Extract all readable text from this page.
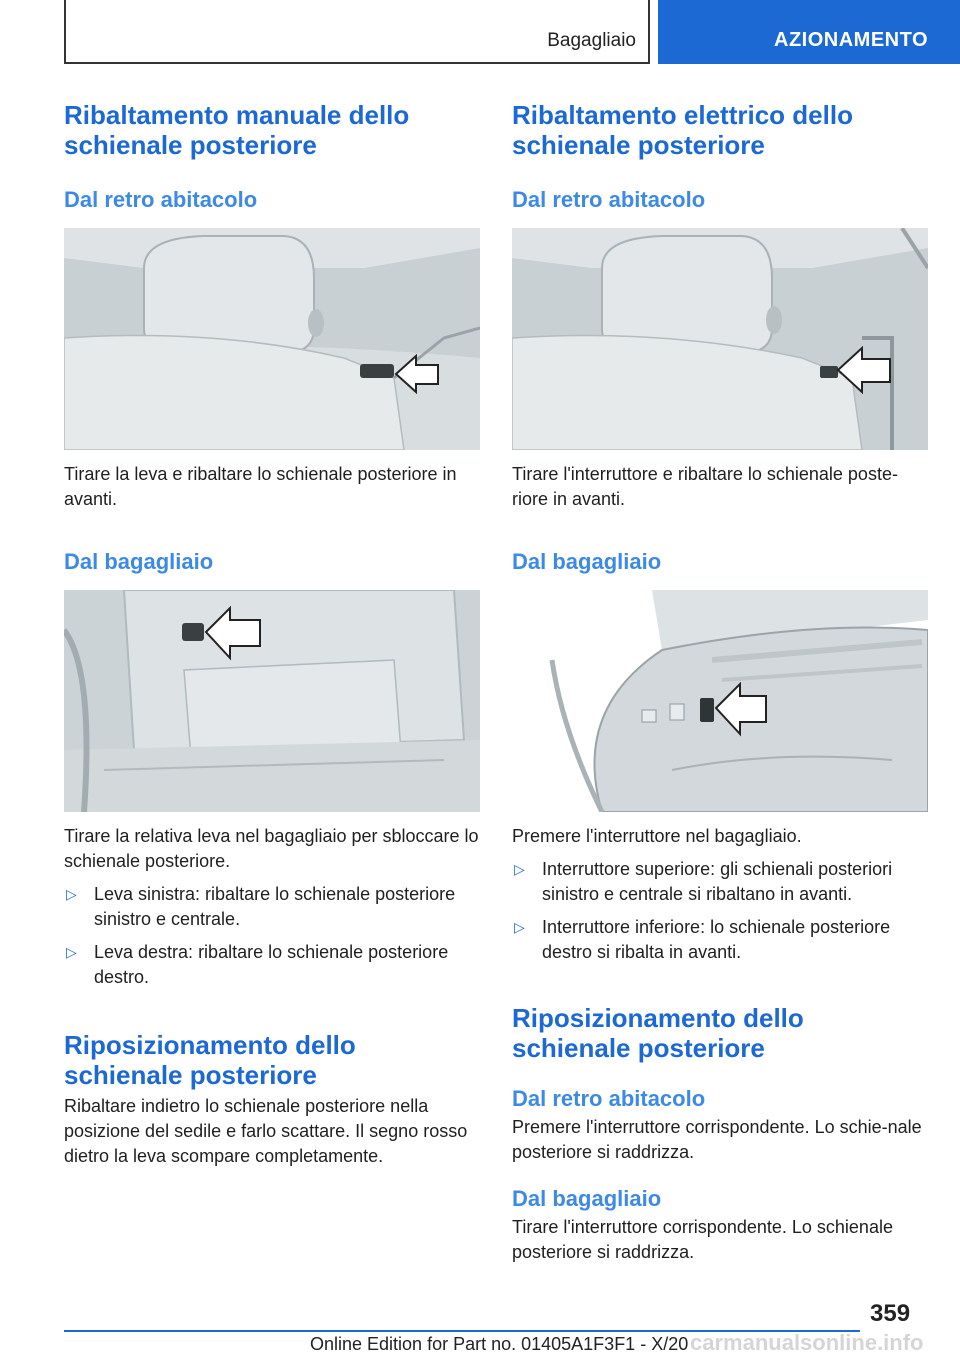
Bagagliaio	AZIONAMENTO
Ribaltamento manuale dello schienale posteriore
Dal retro abitacolo

Tirare la leva e ribaltare lo schienale posteriore in avanti.

Dal bagagliaio

Tirare la relativa leva nel bagagliaio per sbloccare lo schienale posteriore.

▷ Leva sinistra: ribaltare lo schienale posteriore sinistro e centrale.
▷ Leva destra: ribaltare lo schienale posteriore destro.
Riposizionamento dello schienale posteriore

Ribaltare indietro lo schienale posteriore nella posizione del sedile e farlo scattare. Il segno rosso dietro la leva scompare completamente.

Ribaltamento elettrico dello schienale posteriore
Dal retro abitacolo

Tirare l'interruttore e ribaltare lo schienale poste-riore in avanti.

Dal bagagliaio

Premere l'interruttore nel bagagliaio.

▷ Interruttore superiore: gli schienali posteriori sinistro e centrale si ribaltano in avanti.
▷ Interruttore inferiore: lo schienale posteriore destro si ribalta in avanti.
Riposizionamento dello schienale posteriore
Dal retro abitacolo

Premere l'interruttore corrispondente. Lo schie-nale posteriore si raddrizza.

Dal bagagliaio

Tirare l'interruttore corrispondente. Lo schienale posteriore si raddrizza.

359
Online Edition for Part no. 01405A1F3F1 - X/20 carmanualsonline.info
